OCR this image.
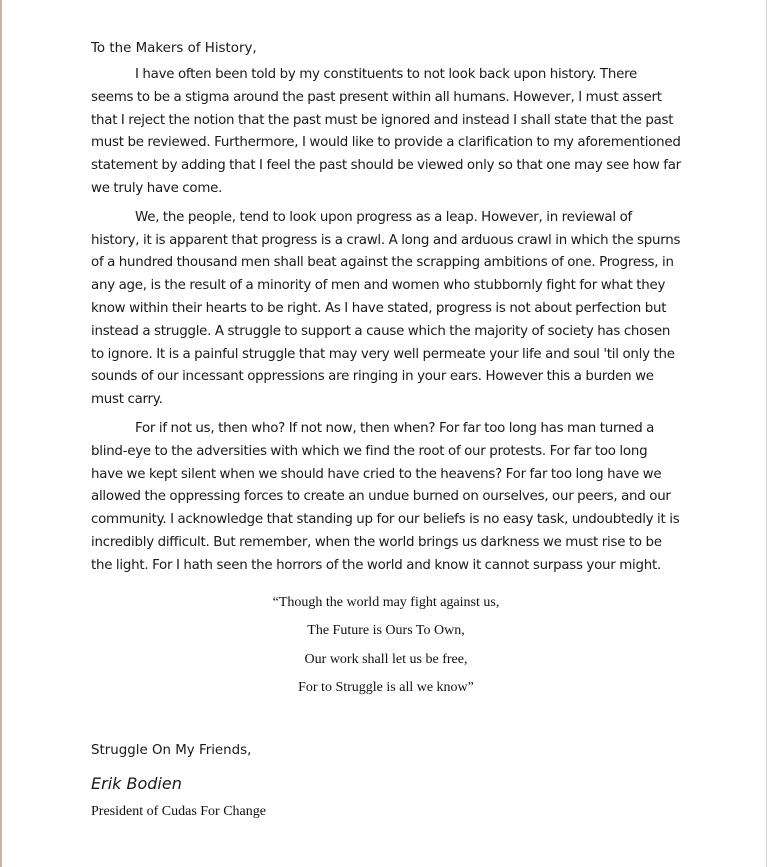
To the Makers of History,

I have often been told by my constituents to not look back upon history. There seems to be a stigma around the past present within all humans. However, I must assert that I reject the notion that the past must be ignored and instead I shall state that the past must be reviewed. Furthermore, I would like to provide a clarification to my aforementioned statement by adding that I feel the past should be viewed only so that one may see how far we truly have come.

We, the people, tend to look upon progress as a leap. However, in reviewal of history, it is apparent that progress is a crawl. A long and arduous crawl in which the spurns of a hundred thousand men shall beat against the scrapping ambitions of one. Progress, in any age, is the result of a minority of men and women who stubbornly fight for what they know within their hearts to be right. As I have stated, progress is not about perfection but instead a struggle. A struggle to support a cause which the majority of society has chosen to ignore. It is a painful struggle that may very well permeate your life and soul 'til only the sounds of our incessant oppressions are ringing in your ears. However this a burden we must carry.

For if not us, then who? If not now, then when? For far too long has man turned a blind-eye to the adversities with which we find the root of our protests. For far too long have we kept silent when we should have cried to the heavens? For far too long have we allowed the oppressing forces to create an undue burned on ourselves, our peers, and our community. I acknowledge that standing up for our beliefs is no easy task, undoubtedly it is incredibly difficult. But remember, when the world brings us darkness we must rise to be the light. For I hath seen the horrors of the world and know it cannot surpass your might.

“Though the world may fight against us,
The Future is Ours To Own,
Our work shall let us be free,
For to Struggle is all we know”
Struggle On My Friends,
Erik Bodien
President of Cudas For Change
